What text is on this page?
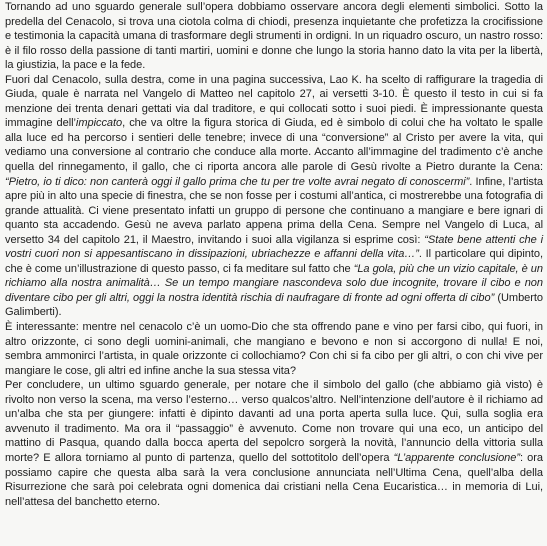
Tornando ad uno sguardo generale sull’opera dobbiamo osservare ancora degli elementi simbolici. Sotto la predella del Cenacolo, si trova una ciotola colma di chiodi, presenza inquietante che profetizza la crocifissione e testimonia la capacità umana di trasformare degli strumenti in ordigni. In un riquadro oscuro, un nastro rosso: è il filo rosso della passione di tanti martiri, uomini e donne che lungo la storia hanno dato la vita per la libertà, la giustizia, la pace e la fede.

Fuori dal Cenacolo, sulla destra, come in una pagina successiva, Lao K. ha scelto di raffigurare la tragedia di Giuda, quale è narrata nel Vangelo di Matteo nel capitolo 27, ai versetti 3-10. È questo il testo in cui si fa menzione dei trenta denari gettati via dal traditore, e qui collocati sotto i suoi piedi. È impressionante questa immagine dell’impiccato, che va oltre la figura storica di Giuda, ed è simbolo di colui che ha voltato le spalle alla luce ed ha percorso i sentieri delle tenebre; invece di una “conversione” al Cristo per avere la vita, qui vediamo una conversione al contrario che conduce alla morte. Accanto all’immagine del tradimento c’è anche quella del rinnegamento, il gallo, che ci riporta ancora alle parole di Gesù rivolte a Pietro durante la Cena: “Pietro, io ti dico: non canterà oggi il gallo prima che tu per tre volte avrai negato di conoscermi”. Infine, l’artista apre più in alto una specie di finestra, che se non fosse per i costumi all’antica, ci mostrerebbe una fotografia di grande attualità. Ci viene presentato infatti un gruppo di persone che continuano a mangiare e bere ignari di quanto sta accadendo. Gesù ne aveva parlato appena prima della Cena. Sempre nel Vangelo di Luca, al versetto 34 del capitolo 21, il Maestro, invitando i suoi alla vigilanza si esprime così: “State bene attenti che i vostri cuori non si appesantiscano in dissipazioni, ubriachezze e affanni della vita…”. Il particolare qui dipinto, che è come un’illustrazione di questo passo, ci fa meditare sul fatto che “La gola, più che un vizio capitale, è un richiamo alla nostra animalità… Se un tempo mangiare nascondeva solo due incognite, trovare il cibo e non diventare cibo per gli altri, oggi la nostra identità rischia di naufragare di fronte ad ogni offerta di cibo” (Umberto Galimberti).

È interessante: mentre nel cenacolo c’è un uomo-Dio che sta offrendo pane e vino per farsi cibo, qui fuori, in altro orizzonte, ci sono degli uomini-animali, che mangiano e bevono e non si accorgono di nulla! E noi, sembra ammonirci l’artista, in quale orizzonte ci collochiamo? Con chi si fa cibo per gli altri, o con chi vive per mangiare le cose, gli altri ed infine anche la sua stessa vita?

Per concludere, un ultimo sguardo generale, per notare che il simbolo del gallo (che abbiamo già visto) è rivolto non verso la scena, ma verso l’esterno… verso qualcos’altro. Nell’intenzione dell’autore è il richiamo ad un’alba che sta per giungere: infatti è dipinto davanti ad una porta aperta sulla luce. Qui, sulla soglia era avvenuto il tradimento. Ma ora il “passaggio” è avvenuto. Come non trovare qui una eco, un anticipo del mattino di Pasqua, quando dalla bocca aperta del sepolcro sorgerà la novità, l’annuncio della vittoria sulla morte? E allora torniamo al punto di partenza, quello del sottotitolo dell’opera “L’apparente conclusione”: ora possiamo capire che questa alba sarà la vera conclusione annunciata nell’Ultima Cena, quell’alba della Risurrezione che sarà poi celebrata ogni domenica dai cristiani nella Cena Eucaristica… in memoria di Lui, nell’attesa del banchetto eterno.
